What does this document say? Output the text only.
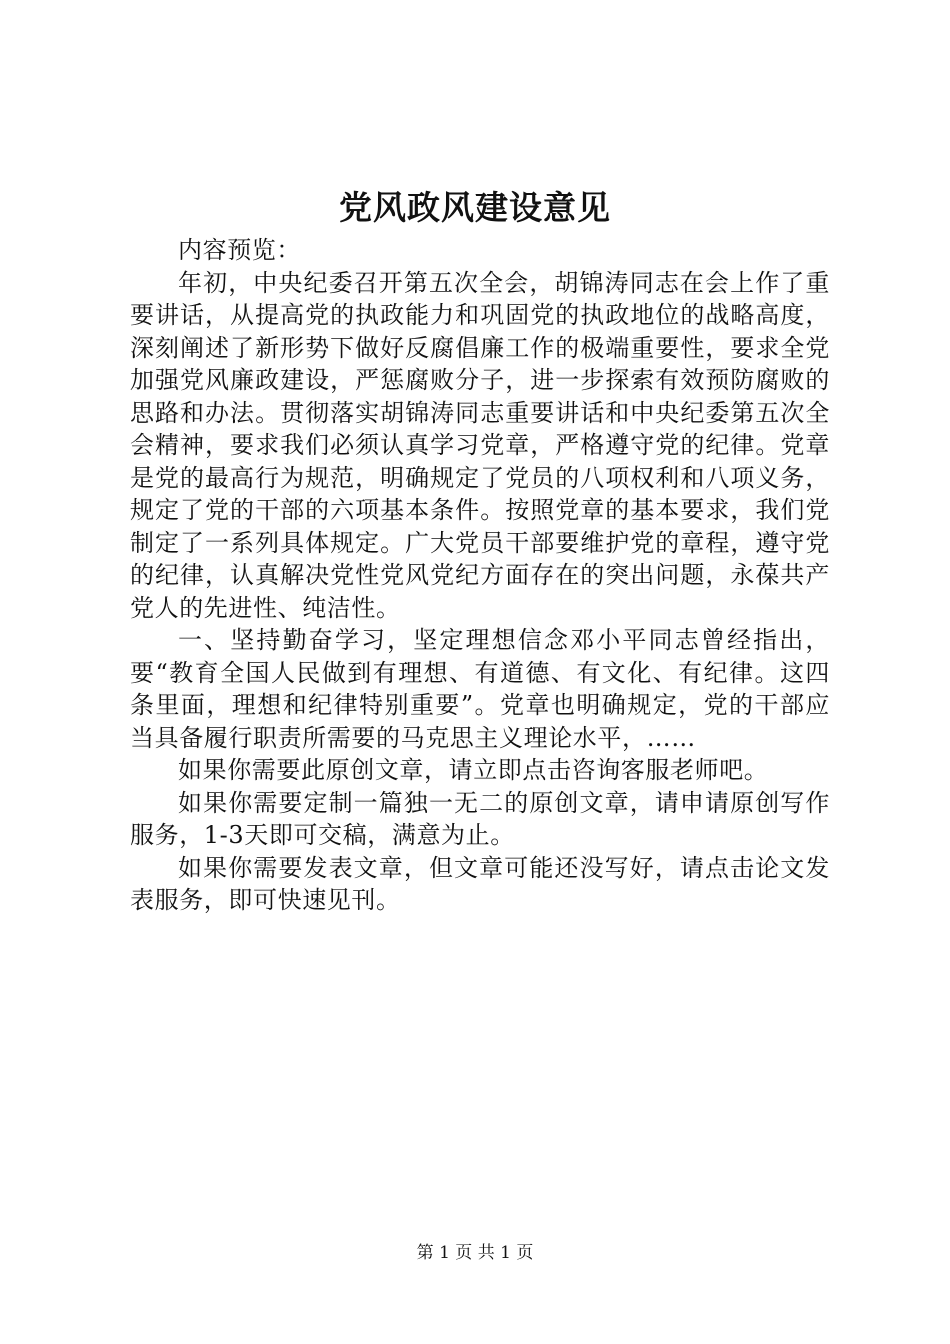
党风政风建设意见

内容预览：

年初，中央纪委召开第五次全会，胡锦涛同志在会上作了重要讲话，从提高党的执政能力和巩固党的执政地位的战略高度，深刻阐述了新形势下做好反腐倡廉工作的极端重要性，要求全党加强党风廉政建设，严惩腐败分子，进一步探索有效预防腐败的思路和办法。贯彻落实胡锦涛同志重要讲话和中央纪委第五次全会精神，要求我们必须认真学习党章，严格遵守党的纪律。党章是党的最高行为规范，明确规定了党员的八项权利和八项义务，规定了党的干部的六项基本条件。按照党章的基本要求，我们党制定了一系列具体规定。广大党员干部要维护党的章程，遵守党的纪律，认真解决党性党风党纪方面存在的突出问题，永葆共产党人的先进性、纯洁性。

一、坚持勤奋学习，坚定理想信念邓小平同志曾经指出，要“教育全国人民做到有理想、有道德、有文化、有纪律。这四条里面，理想和纪律特别重要”。党章也明确规定，党的干部应当具备履行职责所需要的马克思主义理论水平，……

如果你需要此原创文章，请立即点击咨询客服老师吧。

如果你需要定制一篇独一无二的原创文章，请申请原创写作服务，1-3天即可交稿，满意为止。

如果你需要发表文章，但文章可能还没写好，请点击论文发表服务，即可快速见刊。

第 1 页 共 1 页
